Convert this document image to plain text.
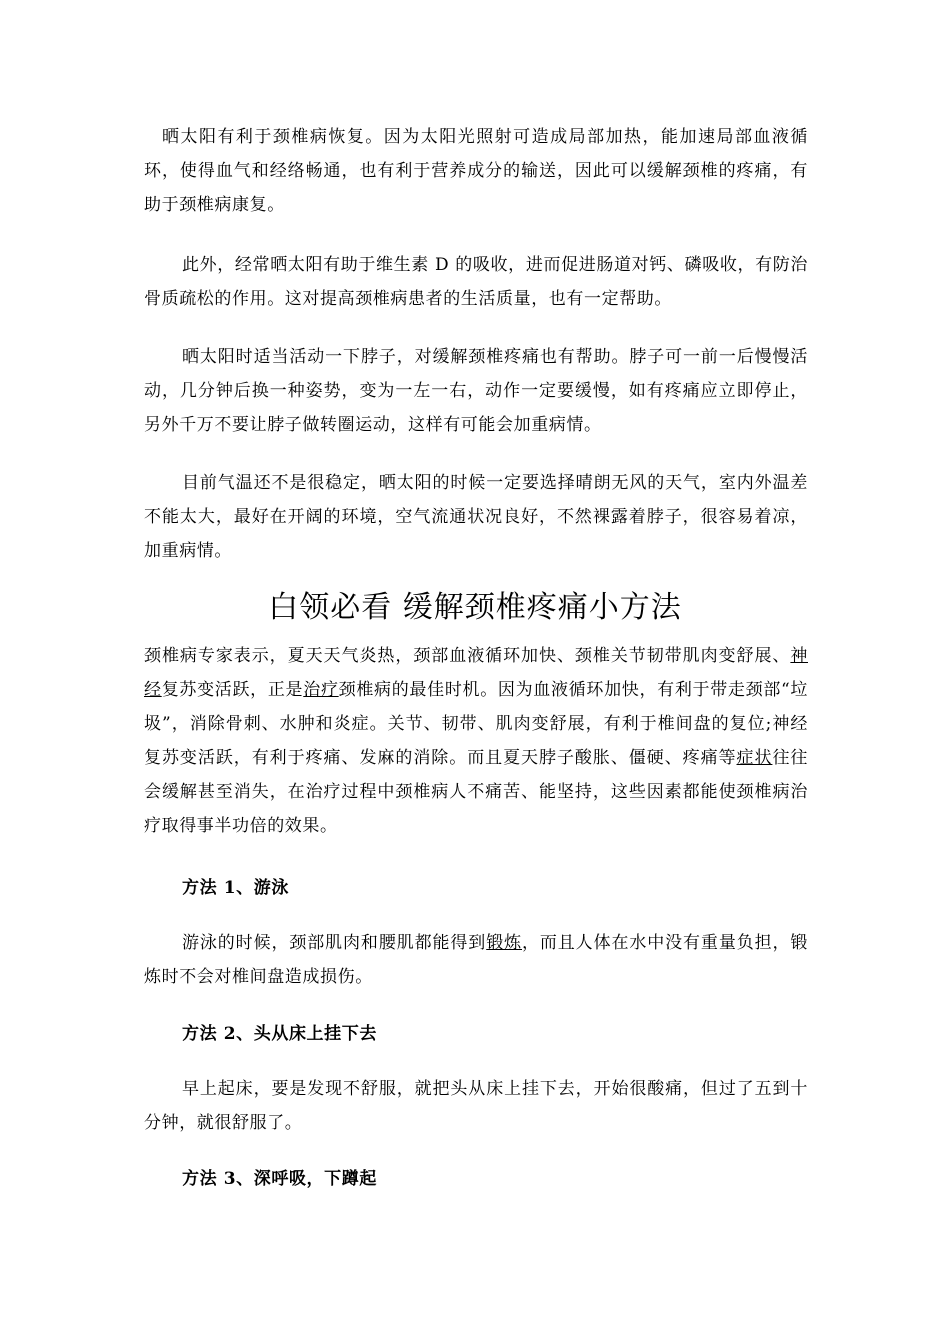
晒太阳有利于颈椎病恢复。因为太阳光照射可造成局部加热，能加速局部血液循环，使得血气和经络畅通，也有利于营养成分的输送，因此可以缓解颈椎的疼痛，有助于颈椎病康复。

此外，经常晒太阳有助于维生素 D 的吸收，进而促进肠道对钙、磷吸收，有防治骨质疏松的作用。这对提高颈椎病患者的生活质量，也有一定帮助。

晒太阳时适当活动一下脖子，对缓解颈椎疼痛也有帮助。脖子可一前一后慢慢活动，几分钟后换一种姿势，变为一左一右，动作一定要缓慢，如有疼痛应立即停止，另外千万不要让脖子做转圈运动，这样有可能会加重病情。

目前气温还不是很稳定，晒太阳的时候一定要选择晴朗无风的天气，室内外温差不能太大，最好在开阔的环境，空气流通状况良好，不然裸露着脖子，很容易着凉，加重病情。

白领必看 缓解颈椎疼痛小方法

颈椎病专家表示，夏天天气炎热，颈部血液循环加快、颈椎关节韧带肌肉变舒展、神经复苏变活跃，正是治疗颈椎病的最佳时机。因为血液循环加快，有利于带走颈部“垃圾”，消除骨刺、水肿和炎症。关节、韧带、肌肉变舒展，有利于椎间盘的复位;神经复苏变活跃，有利于疼痛、发麻的消除。而且夏天脖子酸胀、僵硬、疼痛等症状往往会缓解甚至消失，在治疗过程中颈椎病人不痛苦、能坚持，这些因素都能使颈椎病治疗取得事半功倍的效果。

方法 1、游泳

游泳的时候，颈部肌肉和腰肌都能得到锻炼，而且人体在水中没有重量负担，锻炼时不会对椎间盘造成损伤。

方法 2、头从床上挂下去

早上起床，要是发现不舒服，就把头从床上挂下去，开始很酸痛，但过了五到十分钟，就很舒服了。

方法 3、深呼吸，下蹲起
